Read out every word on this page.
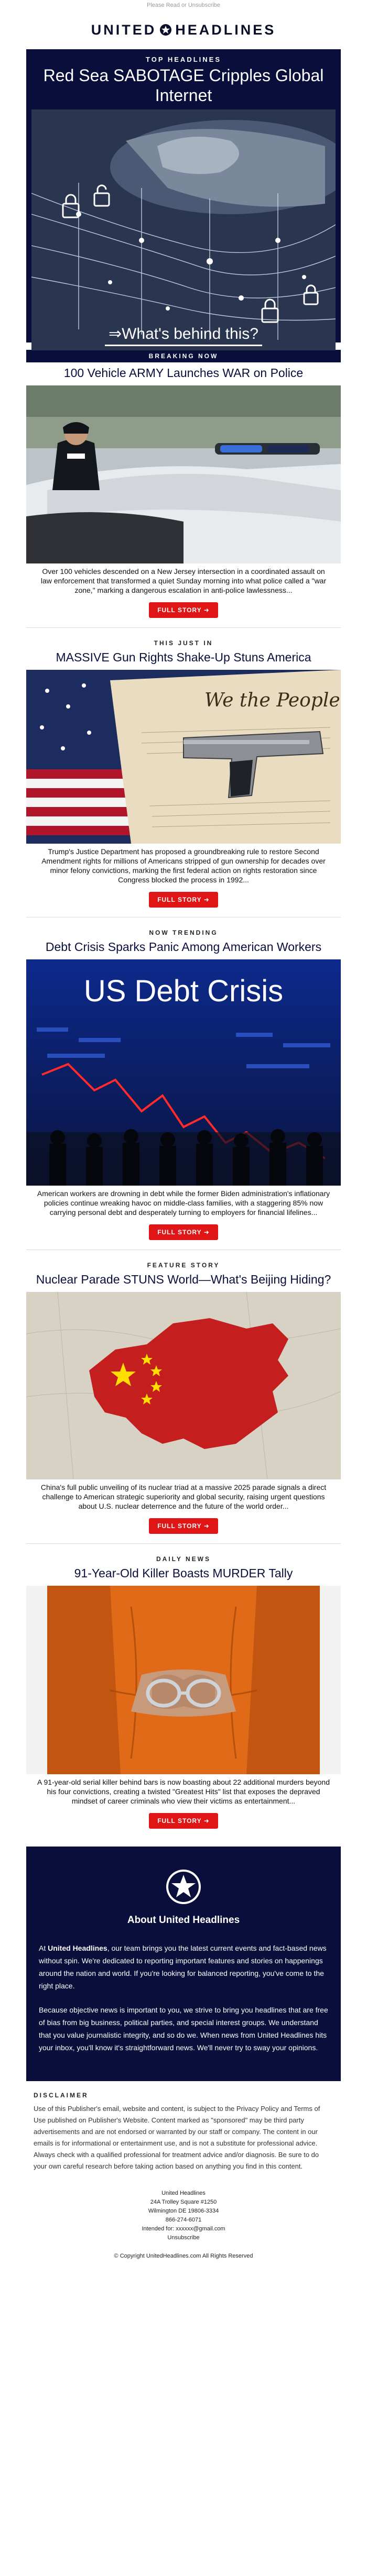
Please Read or Unsubscribe
UNITED HEADLINES
TOP HEADLINES
Red Sea SABOTAGE Cripples Global Internet
⇒What's behind this?
BREAKING NOW
100 Vehicle ARMY Launches WAR on Police
Over 100 vehicles descended on a New Jersey intersection in a coordinated assault on law enforcement that transformed a quiet Sunday morning into what police called a "war zone," marking a dangerous escalation in anti-police lawlessness...
FULL STORY ➜
THIS JUST IN
MASSIVE Gun Rights Shake-Up Stuns America
We the People
Trump's Justice Department has proposed a groundbreaking rule to restore Second Amendment rights for millions of Americans stripped of gun ownership for decades over minor felony convictions, marking the first federal action on rights restoration since Congress blocked the process in 1992...
FULL STORY ➜
NOW TRENDING
Debt Crisis Sparks Panic Among American Workers
US Debt Crisis
American workers are drowning in debt while the former Biden administration's inflationary policies continue wreaking havoc on middle-class families, with a staggering 85% now carrying personal debt and desperately turning to employers for financial lifelines...
FULL STORY ➜
FEATURE STORY
Nuclear Parade STUNS World—What's Beijing Hiding?
China's full public unveiling of its nuclear triad at a massive 2025 parade signals a direct challenge to American strategic superiority and global security, raising urgent questions about U.S. nuclear deterrence and the future of the world order...
FULL STORY ➜
DAILY NEWS
91-Year-Old Killer Boasts MURDER Tally
A 91-year-old serial killer behind bars is now boasting about 22 additional murders beyond his four convictions, creating a twisted "Greatest Hits" list that exposes the depraved mindset of career criminals who view their victims as entertainment...
FULL STORY ➜
About United Headlines

At United Headlines, our team brings you the latest current events and fact-based news without spin. We're dedicated to reporting important features and stories on happenings around the nation and world. If you're looking for balanced reporting, you've come to the right place.

Because objective news is important to you, we strive to bring you headlines that are free of bias from big business, political parties, and special interest groups. We understand that you value journalistic integrity, and so do we. When news from United Headlines hits your inbox, you'll know it's straightforward news. We'll never try to sway your opinions.

DISCLAIMER

Use of this Publisher's email, website and content, is subject to the Privacy Policy and Terms of Use published on Publisher's Website. Content marked as "sponsored" may be third party advertisements and are not endorsed or warranted by our staff or company. The content in our emails is for informational or entertainment use, and is not a substitute for professional advice. Always check with a qualified professional for treatment advice and/or diagnosis. Be sure to do your own careful research before taking action based on anything you find in this content.

United Headlines
24A Trolley Square #1250
Wilmington DE 19806-3334
866-274-6071
Intended for: xxxxxx@gmail.com
Unsubscribe
© Copyright UnitedHeadlines.com All Rights Reserved
